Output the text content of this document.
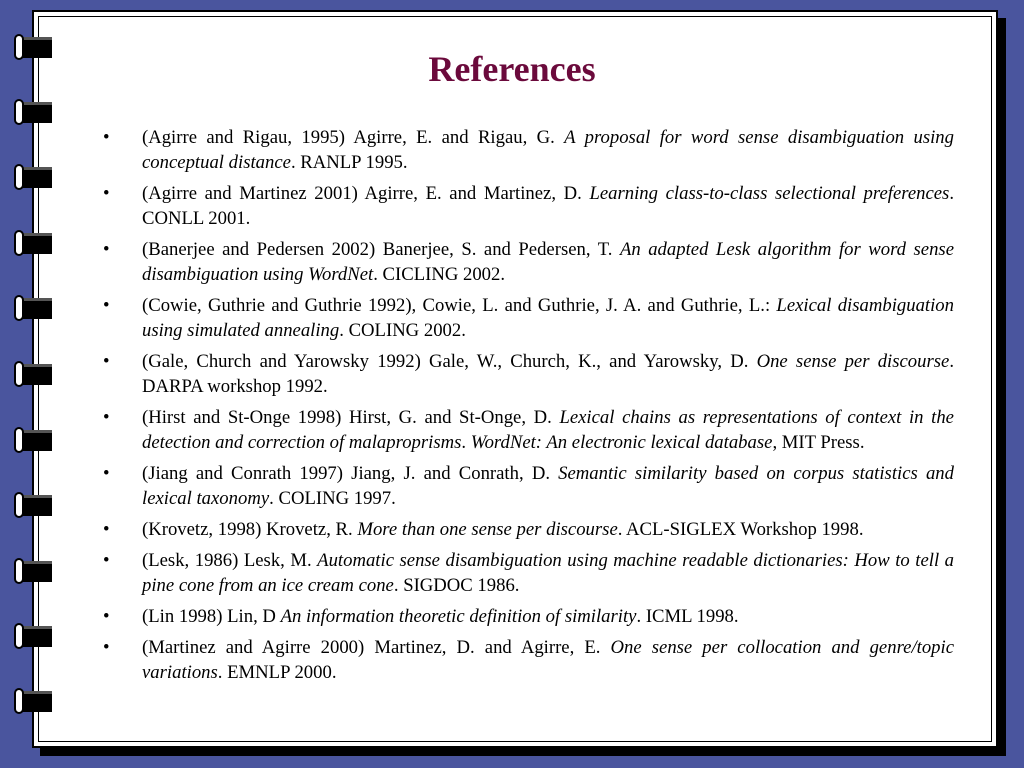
References
•	(Agirre and Rigau, 1995) Agirre, E. and Rigau, G. A proposal for word sense disambiguation using conceptual distance. RANLP 1995.
•	(Agirre and Martinez 2001) Agirre, E. and Martinez, D. Learning class-to-class selectional preferences. CONLL 2001.
•	(Banerjee and Pedersen 2002) Banerjee, S. and Pedersen, T. An adapted Lesk algorithm for word sense disambiguation using WordNet. CICLING 2002.
•	(Cowie, Guthrie and Guthrie 1992), Cowie, L. and Guthrie, J. A. and Guthrie, L.: Lexical disambiguation using simulated annealing. COLING 2002.
•	(Gale, Church and Yarowsky 1992) Gale, W., Church, K., and Yarowsky, D. One sense per discourse. DARPA workshop 1992.
•	(Hirst and St-Onge 1998) Hirst, G. and St-Onge, D. Lexical chains as representations of context in the detection and correction of malaproprisms. WordNet: An electronic lexical database, MIT Press.
•	(Jiang and Conrath 1997) Jiang, J. and Conrath, D. Semantic similarity based on corpus statistics and lexical taxonomy. COLING 1997.
•	(Krovetz, 1998) Krovetz, R. More than one sense per discourse. ACL-SIGLEX Workshop 1998.
•	(Lesk, 1986) Lesk, M. Automatic sense disambiguation using machine readable dictionaries: How to tell a pine cone from an ice cream cone. SIGDOC 1986.
•	(Lin 1998) Lin, D An information theoretic definition of similarity. ICML 1998.
•	(Martinez and Agirre 2000) Martinez, D. and Agirre, E. One sense per collocation and genre/topic variations. EMNLP 2000.
